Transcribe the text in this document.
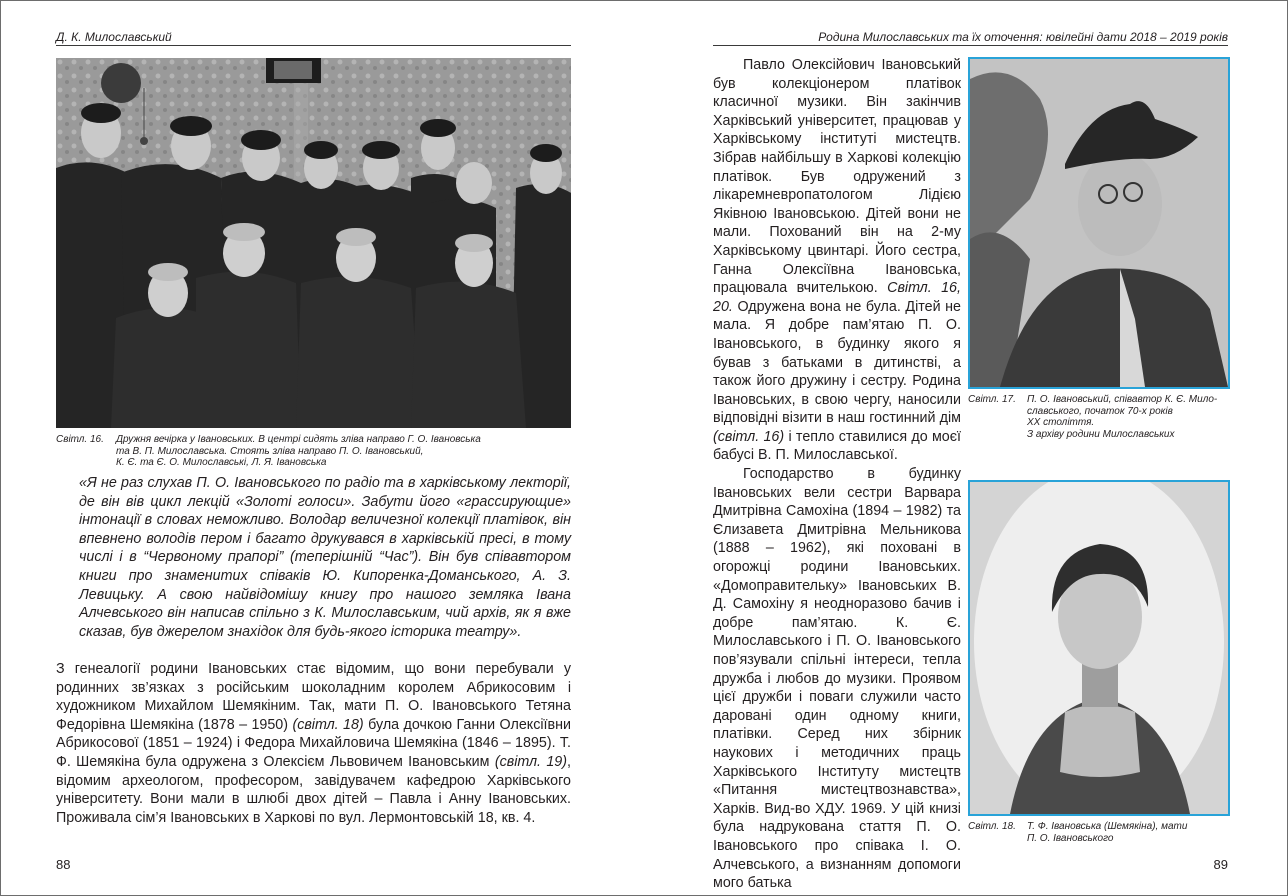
Д. К. Милославський
Світл. 16. Дружня вечірка у Івановських. В центрі сидять зліва направо Г. О. Івановська
та В. П. Милославська. Стоять зліва направо П. О. Івановський,
К. Є. та Є. О. Милославські, Л. Я. Івановська

«Я не раз слухав П. О. Івановського по радіо та в харківському лекторії, де він вів цикл лекцій «Золоті голоси». Забути його «грассирующие» інтонації в словах неможливо. Володар величезної колекції платівок, він впевнено володів пером і багато друкувався в харківській пресі, в тому числі і в “Червоному прапорі” (теперішній “Час”). Він був співавтором книги про знаменитих співаків Ю. Кипоренка-Доманського, А. З. Левицьку. А свою найвідомішу книгу про нашого земляка Івана Алчевського він написав спільно з К. Милославським, чий архів, як я вже сказав, був джерелом знахідок для будь-якого історика театру».

З генеалогії родини Івановських стає відомим, що вони перебували у родинних зв’язках з російським шоколадним королем Абрикосовим і художником Михайлом Шемякіним. Так, мати П. О. Івановського Тетяна Федорівна Шемякіна (1878 – 1950) (світл. 18) була дочкою Ганни Олексіївни Абрикосової (1851 – 1924) і Федора Михайловича Шемякіна (1846 – 1895). Т. Ф. Шемякіна була одружена з Олексієм Львовичем Івановським (світл. 19), відомим археологом, професором, завідувачем кафедрою Харківського університету. Вони мали в шлюбі двох дітей – Павла і Анну Івановських. Проживала сім’я Івановських в Харкові по вул. Лермонтовській 18, кв. 4.

88
Родина Милославських та їх оточення: ювілейні дати 2018 – 2019 років

Павло Олексійович Івановський був колекціонером платівок класичної музики. Він закінчив Харківський університет, працював у Харківському інституті мистецтв. Зібрав найбільшу в Харкові колекцію платівок. Був одружений з лікаремневропатологом Лідією Яківною Івановською. Дітей вони не мали. Похований він на 2-му Харківському цвинтарі. Його сестра, Ганна Олексіївна Івановська, працювала вчителькою. Світл. 16, 20. Одружена вона не була. Дітей не мала. Я добре пам’ятаю П. О. Івановського, в будинку якого я бував з батьками в дитинстві, а також його дружину і сестру. Родина Івановських, в свою чергу, наносили відповідні візити в наш гостинний дім (світл. 16) і тепло ставилися до моєї бабусі В. П. Милославської.

Господарство в будинку Івановських вели сестри Варвара Дмитрівна Самохіна (1894 – 1982) та Єлизавета Дмитрівна Мельникова (1888 – 1962), які поховані в огорожці родини Івановських. «Домоправительку» Івановських В. Д. Самохіну я неодноразово бачив і добре пам’ятаю. К. Є. Милославського і П. О. Івановського пов’язували спільні інтереси, тепла дружба і любов до музики. Проявом цієї дружби і поваги служили часто даровані один одному книги, платівки. Серед них збірник наукових і методичних праць Харківського Інституту мистецтв «Питання мистецтвознавства», Харків. Вид-во ХДУ. 1969. У цій книзі була надрукована стаття П. О. Івановського про співака І. О. Алчевського, а визнанням допомоги мого батька

Світл. 17. П. О. Івановський, співавтор К. Є. Мило-
славського, початок 70-х років
XX століття.
З архіву родини Милославських
Світл. 18. Т. Ф. Івановська (Шемякіна), мати
П. О. Івановського
89
